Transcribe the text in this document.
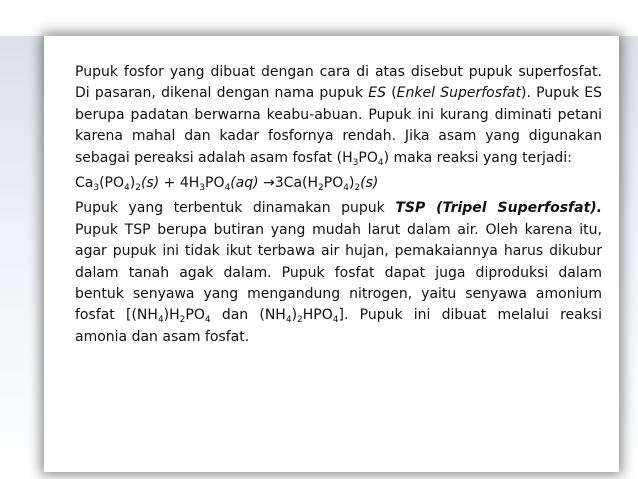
Pupuk fosfor yang dibuat dengan cara di atas disebut pupuk superfosfat. Di pasaran, dikenal dengan nama pupuk ES (Enkel Superfosfat). Pupuk ES berupa padatan berwarna keabu-abuan. Pupuk ini kurang diminati petani karena mahal dan kadar fosfornya rendah. Jika asam yang digunakan sebagai pereaksi adalah asam fosfat $(H_3PO_4)$ maka reaksi yang terjadi:

$Ca_3(PO_4)_2(s) + 4H_3PO_4(aq) \to 3Ca(H_2PO_4)_2(s)$

Pupuk yang terbentuk dinamakan pupuk TSP (Tripel Superfosfat). Pupuk TSP berupa butiran yang mudah larut dalam air. Oleh karena itu, agar pupuk ini tidak ikut terbawa air hujan, pemakaiannya harus dikubur dalam tanah agak dalam. Pupuk fosfat dapat juga diproduksi dalam bentuk senyawa yang mengandung nitrogen, yaitu senyawa amonium fosfat [$(NH_4)H_2PO_4$ dan $(NH_4)_2HPO_4$]. Pupuk ini dibuat melalui reaksi amonia dan asam fosfat.
